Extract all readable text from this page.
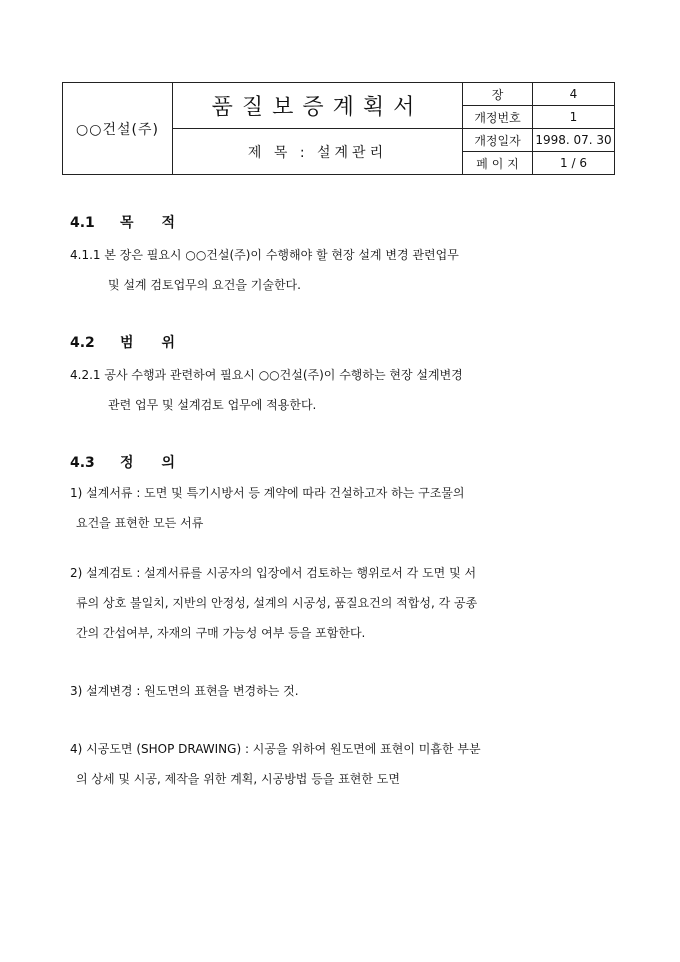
○○건설(주)	품질보증계획서	장	4
		개정번호	1
	제 목 : 설계관리	개정일자	1998. 07. 30
		페 이 지	1 / 6
4.1 목적
4.1.1 본 장은 필요시 ○○건설(주)이 수행해야 할 현장 설계 변경 관련업무
및 설계 검토업무의 요건을 기술한다.
4.2 범위
4.2.1 공사 수행과 관련하여 필요시 ○○건설(주)이 수행하는 현장 설계변경
관련 업무 및 설계검토 업무에 적용한다.
4.3 정의
1) 설계서류 : 도면 및 특기시방서 등 계약에 따라 건설하고자 하는 구조물의
요건을 표현한 모든 서류
2) 설계검토 : 설계서류를 시공자의 입장에서 검토하는 행위로서 각 도면 및 서
류의 상호 불일치, 지반의 안정성, 설계의 시공성, 품질요건의 적합성, 각 공종
간의 간섭여부, 자재의 구매 가능성 여부 등을 포함한다.
3) 설계변경 : 원도면의 표현을 변경하는 것.
4) 시공도면 (SHOP DRAWING) : 시공을 위하여 원도면에 표현이 미흡한 부분
의 상세 및 시공, 제작을 위한 계획, 시공방법 등을 표현한 도면
